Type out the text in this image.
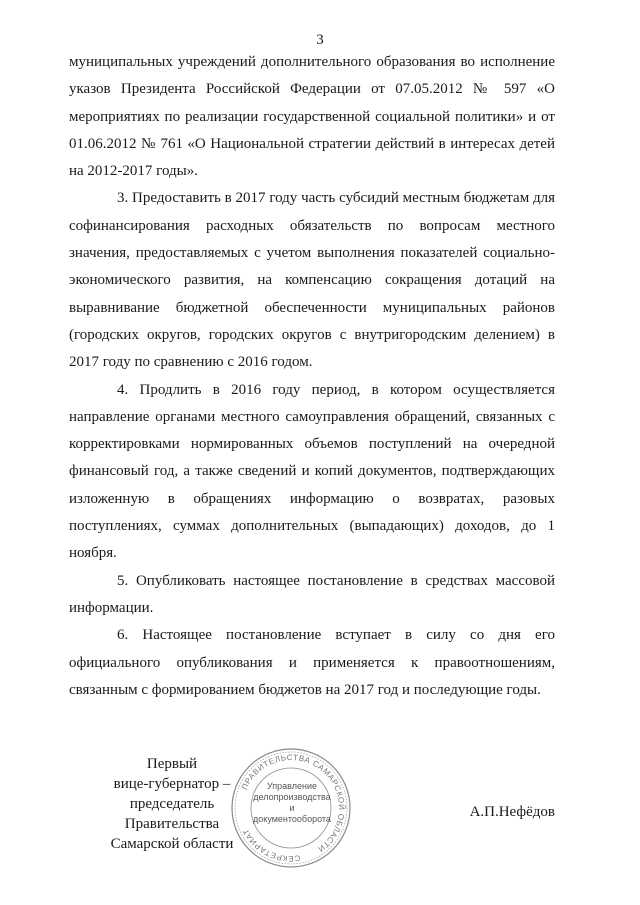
3

муниципальных учреждений дополнительного образования во исполнение указов Президента Российской Федерации от 07.05.2012 № 597 «О мероприятиях по реализации государственной социальной политики» и от 01.06.2012 № 761 «О Национальной стратегии действий в интересах детей на 2012-2017 годы».

3. Предоставить в 2017 году часть субсидий местным бюджетам для софинансирования расходных обязательств по вопросам местного значения, предоставляемых с учетом выполнения показателей социально-экономического развития, на компенсацию сокращения дотаций на выравнивание бюджетной обеспеченности муниципальных районов (городских округов, городских округов с внутригородским делением) в 2017 году по сравнению с 2016 годом.

4. Продлить в 2016 году период, в котором осуществляется направление органами местного самоуправления обращений, связанных с корректировками нормированных объемов поступлений на очередной финансовый год, а также сведений и копий документов, подтверждающих изложенную в обращениях информацию о возвратах, разовых поступлениях, суммах дополнительных (выпадающих) доходов, до 1 ноября.

5. Опубликовать настоящее постановление в средствах массовой информации.

6. Настоящее постановление вступает в силу со дня его официального опубликования и применяется к правоотношениям, связанным с формированием бюджетов на 2017 год и последующие годы.

Первый
вице-губернатор –
председатель Правительства
Самарской области
ПРАВИТЕЛЬСТВА САМАРСКОЙ ОБЛАСТИ
СЕКРЕТАРИАТ
Управление
делопроизводства
и документооборота	А.П.Нефёдов
